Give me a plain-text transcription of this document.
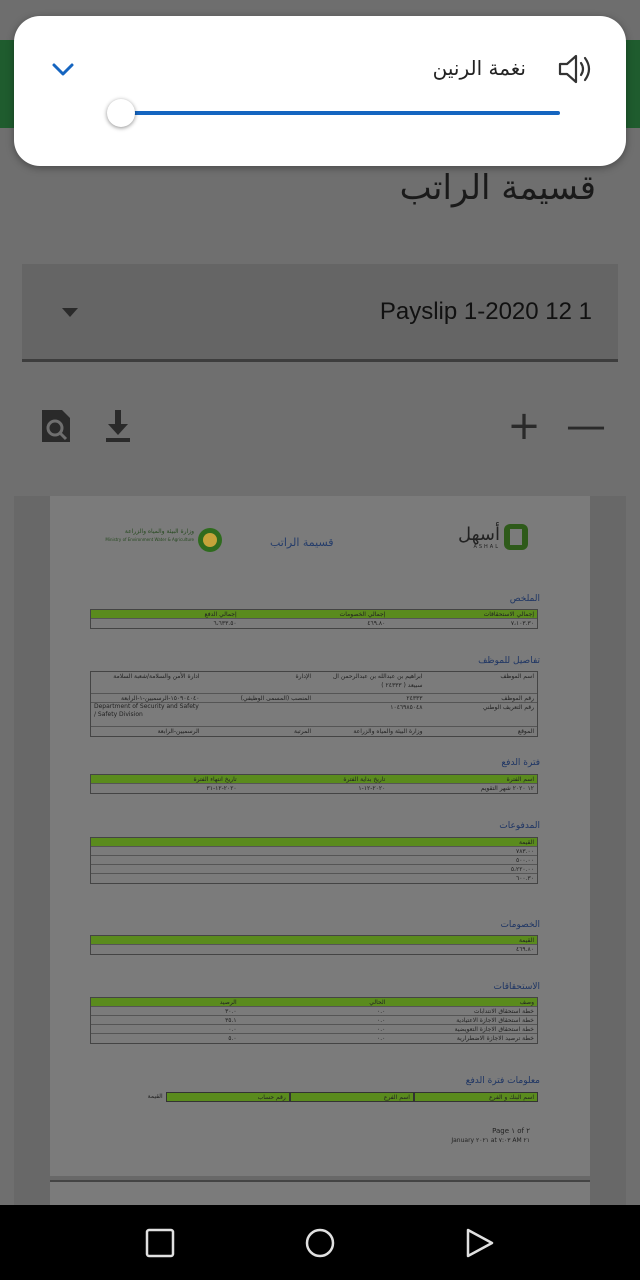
قسيمة الراتب
Payslip 1-2020 12 1
+ —
أسهل
ASHAL
وزارة البيئة والمياه والزراعة
Ministry of Environment Water & Agriculture	قسيمة الراتب
الملخص
إجمالي الاستحقاقات
إجمالي الخصومات
إجمالي الدفع
٧،١٠٣.٣٠
٤٦٩.٨٠
٦،٦٣٣.٥٠
تفاصيل للموظف
اسم الموظف
ابراهيم بن عبدالله بن عبدالرحمن ال سبيعد ( ٢٤٣٣٣ )
الإدارة
ادارة الأمن والسلامة/شعبة السلامة
رقم الموظف
٢٤٣٣٣
المنصب (المسمى الوظيفي)
١٥٠٩٠٤٠٤٠-الرسميين-١-الرابعة
رقم التعريف الوطني
١٠٤٦٩٨٥٠٤٨
Department of Security and Safety / Safety Division
الموقع
وزارة البيئة والمياه والزراعة
المرتبة
الرسميين-الرابعة
فترة الدفع
اسم الفترة
تاريخ بداية الفترة
تاريخ انتهاء الفترة
١٢ ٢٠٢٠ شهر التقويم
٢٠٢٠-١٢-١
٢٠٢٠-١٢-٣١
المدفوعات
القيمة
٧٨٣.٠٠
٥٠٠.٠٠
٥،٢٢٠.٠٠
٦٠٠.٣٠
الخصومات
القيمة
٤٦٩.٨٠
الاستحقاقات
وصف
الحالي
الرصيد
خطة استحقاق الانتدابات
٠.٠
٣٠.٠
خطة استحقاق الاجازة الاعتيادية
٠.٠
٣٥.١
خطة استحقاق الاجازة التعويضية
٠.٠
٠.٠
خطة ترصيد الاجازة الاضطرارية
٠.٠
٥.٠
معلومات فترة الدفع
اسم البنك و الفرع
اسم الفرع
رقم حساب
القيمة
Page ١ of ٢
January ٢٠٢١ at ٧:٠٣ AM ٢١
نغمة الرنين
